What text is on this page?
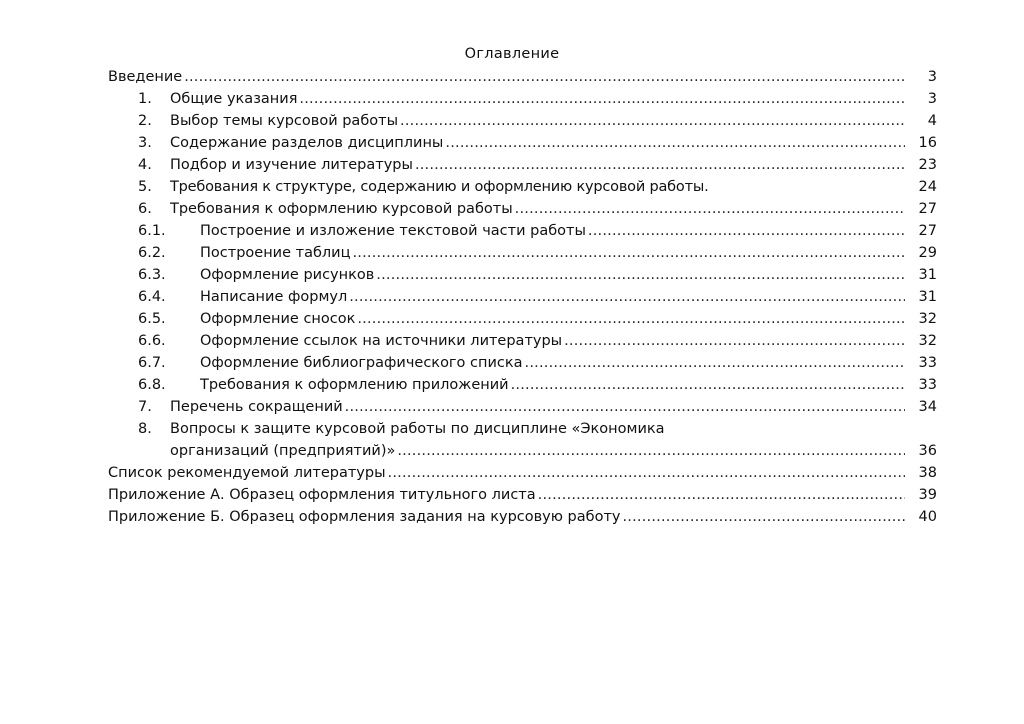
Оглавление
Введение .....	3
1.	Общие указания .....	3
2.	Выбор темы курсовой работы .....	4
3.	Содержание разделов дисциплины .....	16
4.	Подбор и изучение литературы .....	23
5.	Требования к структуре, содержанию и оформлению курсовой работы.	24
6.	Требования к оформлению курсовой работы .....	27
6.1.	Построение и изложение текстовой части работы .....	27
6.2.	Построение таблиц .....	29
6.3.	Оформление рисунков .....	31
6.4.	Написание формул .....	31
6.5.	Оформление сносок .....	32
6.6.	Оформление ссылок на источники литературы .....	32
6.7.	Оформление библиографического списка .....	33
6.8.	Требования к оформлению приложений .....	33
7.	Перечень сокращений .....	34
8.	Вопросы к защите курсовой работы по дисциплине «Экономика
организаций (предприятий)» .....	36
Список рекомендуемой литературы .....	38
Приложение А. Образец оформления титульного листа .....	39
Приложение Б. Образец оформления задания на курсовую работу .....	40
